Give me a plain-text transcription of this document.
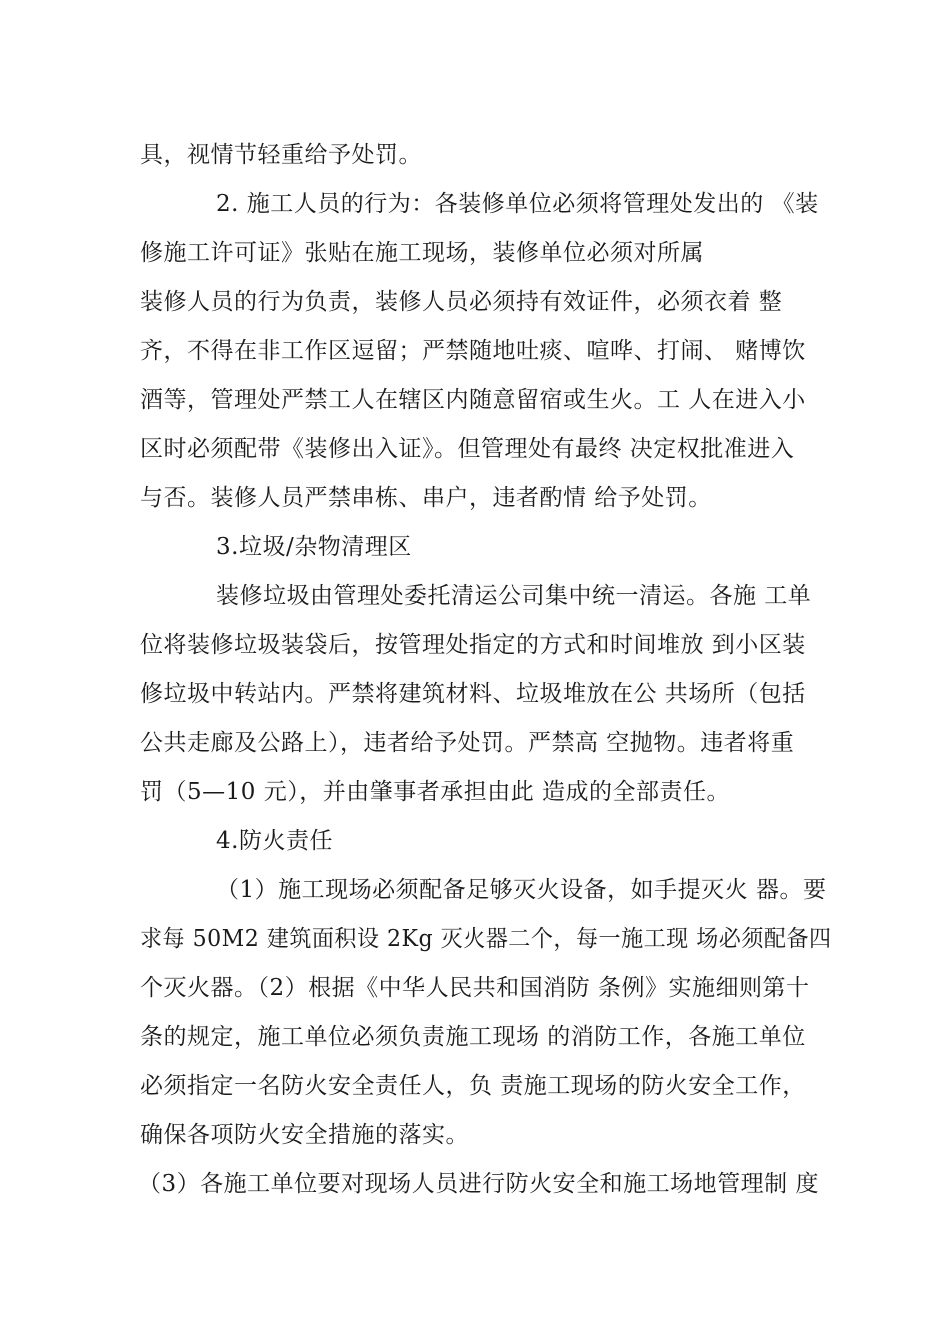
具，视情节轻重给予处罚。
2. 施工人员的行为：各装修单位必须将管理处发出的 《装
修施工许可证》张贴在施工现场，装修单位必须对所属
装修人员的行为负责，装修人员必须持有效证件，必须衣着 整
齐，不得在非工作区逗留；严禁随地吐痰、喧哗、打闹、 赌博饮
酒等，管理处严禁工人在辖区内随意留宿或生火。工 人在进入小
区时必须配带《装修出入证》。但管理处有最终 决定权批准进入
与否。装修人员严禁串栋、串户，违者酌情 给予处罚。
3.垃圾/杂物清理区
装修垃圾由管理处委托清运公司集中统一清运。各施 工单
位将装修垃圾装袋后，按管理处指定的方式和时间堆放 到小区装
修垃圾中转站内。严禁将建筑材料、垃圾堆放在公 共场所（包括
公共走廊及公路上），违者给予处罚。严禁高 空抛物。违者将重
罚（5—10 元），并由肇事者承担由此 造成的全部责任。
4.防火责任
（1）施工现场必须配备足够灭火设备，如手提灭火 器。要
求每 50M2 建筑面积设 2Kg 灭火器二个，每一施工现 场必须配备四
个灭火器。（2）根据《中华人民共和国消防 条例》实施细则第十
条的规定，施工单位必须负责施工现场 的消防工作，各施工单位
必须指定一名防火安全责任人，负 责施工现场的防火安全工作，
确保各项防火安全措施的落实。
（3）各施工单位要对现场人员进行防火安全和施工场地管理制 度
